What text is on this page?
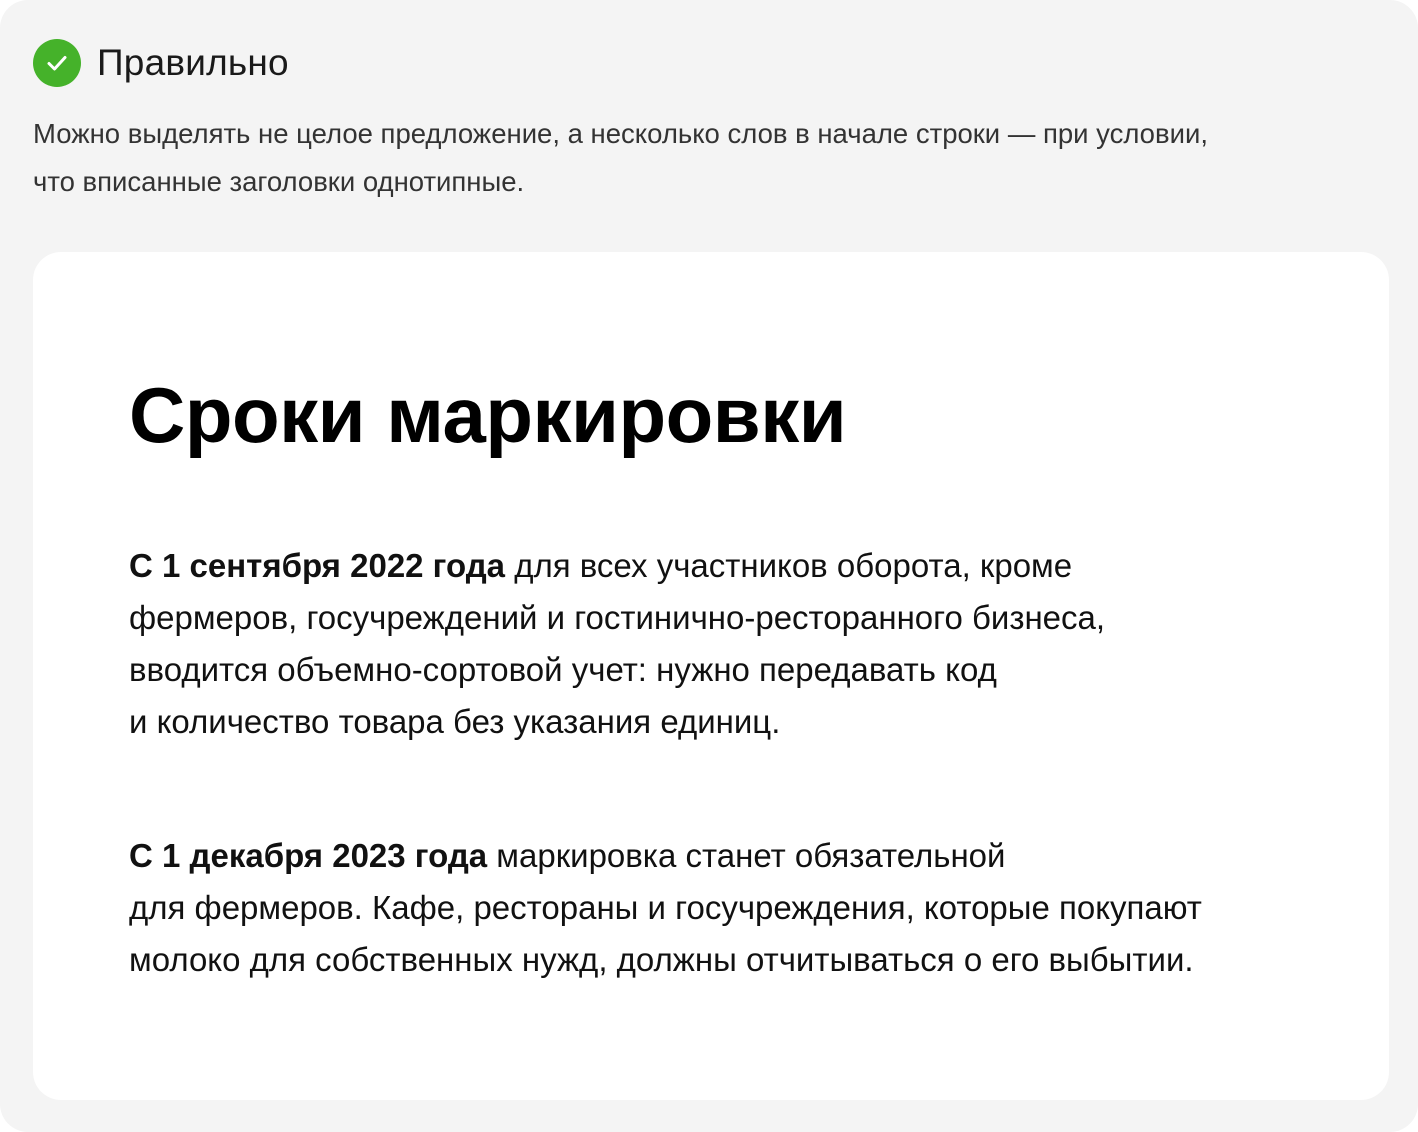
Правильно

Можно выделять не целое предложение, а несколько слов в начале строки — при условии,
что вписанные заголовки однотипные.

Сроки маркировки

С 1 сентября 2022 года для всех участников оборота, кроме
фермеров, госучреждений и гостинично-ресторанного бизнеса,
вводится объемно-сортовой учет: нужно передавать код
и количество товара без указания единиц.

С 1 декабря 2023 года маркировка станет обязательной
для фермеров. Кафе, рестораны и госучреждения, которые покупают
молоко для собственных нужд, должны отчитываться о его выбытии.
